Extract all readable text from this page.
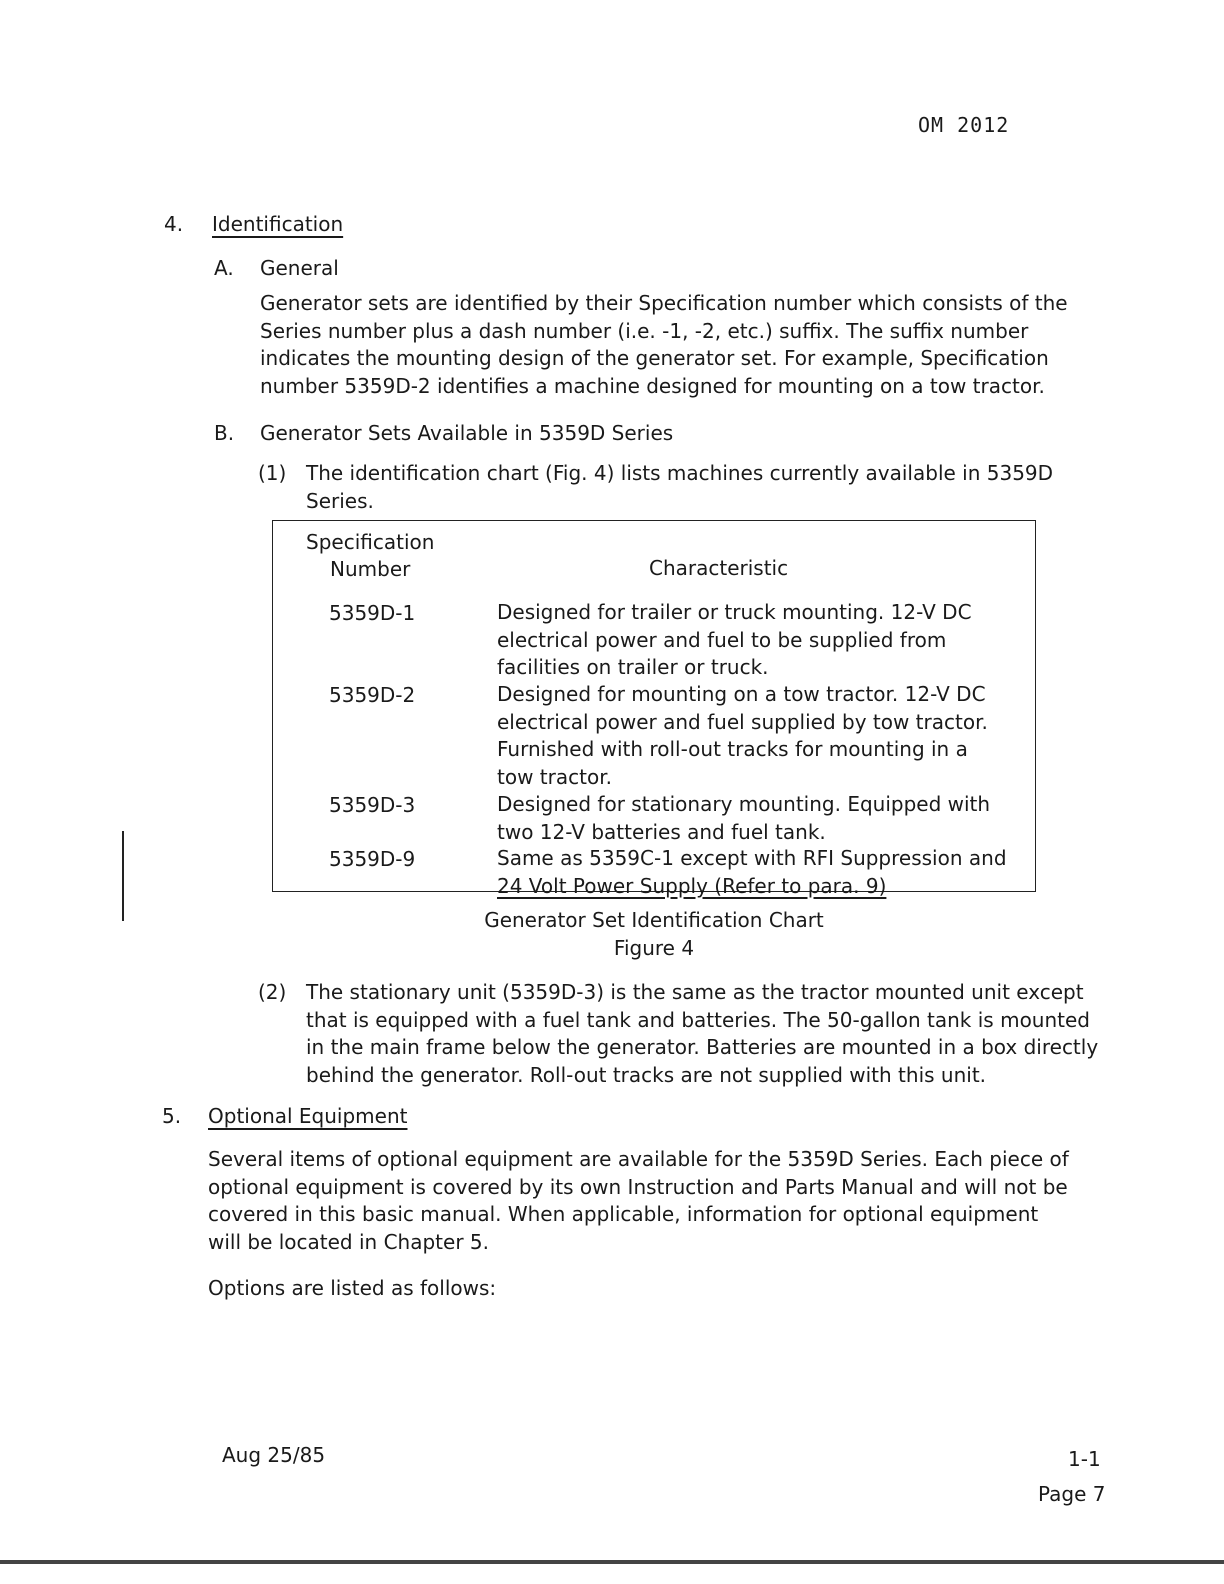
OM 2012
4. Identification
A. General
Generator sets are identified by their Specification number which consists of the
Series number plus a dash number (i.e. -1, -2, etc.) suffix. The suffix number
indicates the mounting design of the generator set. For example, Specification
number 5359D-2 identifies a machine designed for mounting on a tow tractor.
B. Generator Sets Available in 5359D Series
(1) The identification chart (Fig. 4) lists machines currently available in 5359D
Series.
Specification
Number	Characteristic
5359D-1	Designed for trailer or truck mounting. 12-V DC
electrical power and fuel to be supplied from
facilities on trailer or truck.
5359D-2	Designed for mounting on a tow tractor. 12-V DC
electrical power and fuel supplied by tow tractor.
Furnished with roll-out tracks for mounting in a
tow tractor.
5359D-3	Designed for stationary mounting. Equipped with
two 12-V batteries and fuel tank.
5359D-9	Same as 5359C-1 except with RFI Suppression and
24 Volt Power Supply (Refer to para. 9)
Generator Set Identification Chart
Figure 4
(2) The stationary unit (5359D-3) is the same as the tractor mounted unit except
that is equipped with a fuel tank and batteries. The 50-gallon tank is mounted
in the main frame below the generator. Batteries are mounted in a box directly
behind the generator. Roll-out tracks are not supplied with this unit.
5. Optional Equipment
Several items of optional equipment are available for the 5359D Series. Each piece of
optional equipment is covered by its own Instruction and Parts Manual and will not be
covered in this basic manual. When applicable, information for optional equipment
will be located in Chapter 5.
Options are listed as follows:
Aug 25/85	1-1
Page 7
